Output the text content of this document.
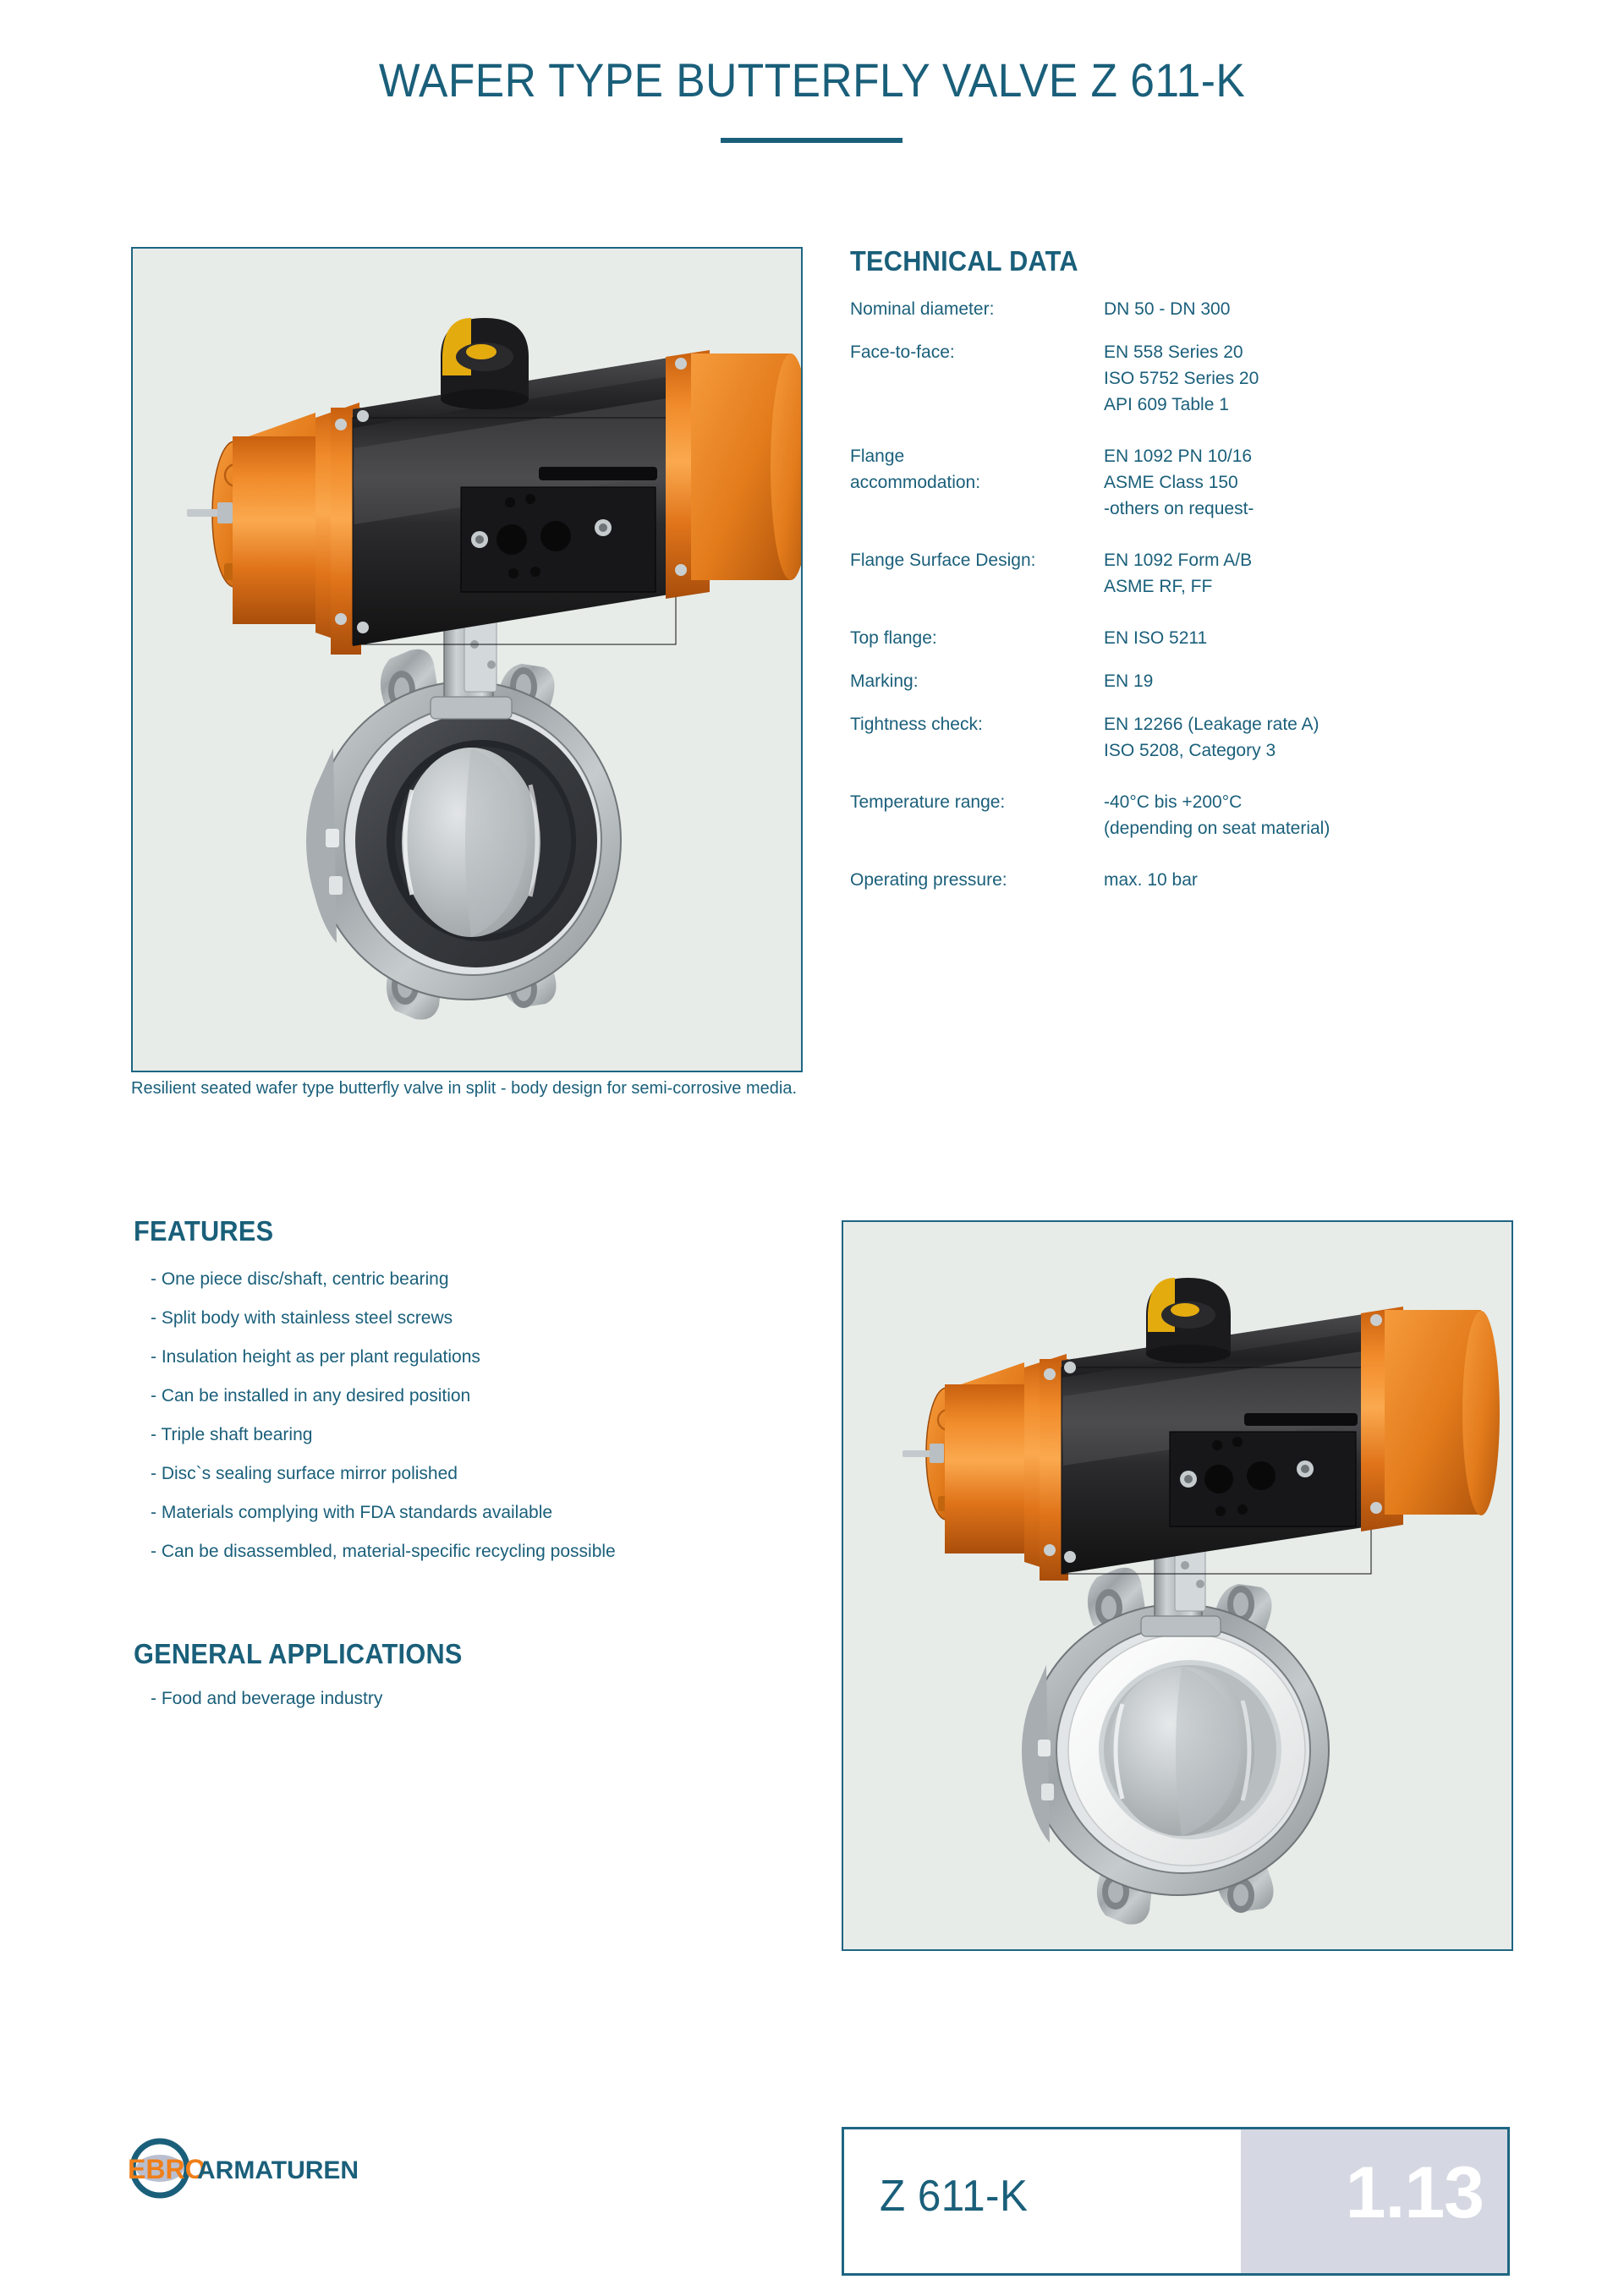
WAFER TYPE BUTTERFLY VALVE Z 611-K
Resilient seated wafer type butterfly valve in split - body design for semi-corrosive media.
TECHNICAL DATA
Nominal diameter:	DN 50 - DN 300
Face-to-face:	EN 558 Series 20
ISO 5752 Series 20
API 609 Table 1
Flange
accommodation:
EN 1092 PN 10/16
ASME Class 150
-others on request-
Flange Surface Design:	EN 1092 Form A/B
ASME RF, FF
Top flange:	EN ISO 5211
Marking:	EN 19
Tightness check:	EN 12266 (Leakage rate A)
ISO 5208, Category 3
Temperature range:	-40°C bis +200°C
(depending on seat material)
Operating pressure:	max. 10 bar
FEATURES
- One piece disc/shaft, centric bearing
- Split body with stainless steel screws
- Insulation height as per plant regulations
- Can be installed in any desired position
- Triple shaft bearing
- Disc`s sealing surface mirror polished
- Materials complying with FDA standards available
- Can be disassembled, material-specific recycling possible
GENERAL APPLICATIONS
- Food and beverage industry
EBRO
ARMATUREN
Z 611-K	1.13
